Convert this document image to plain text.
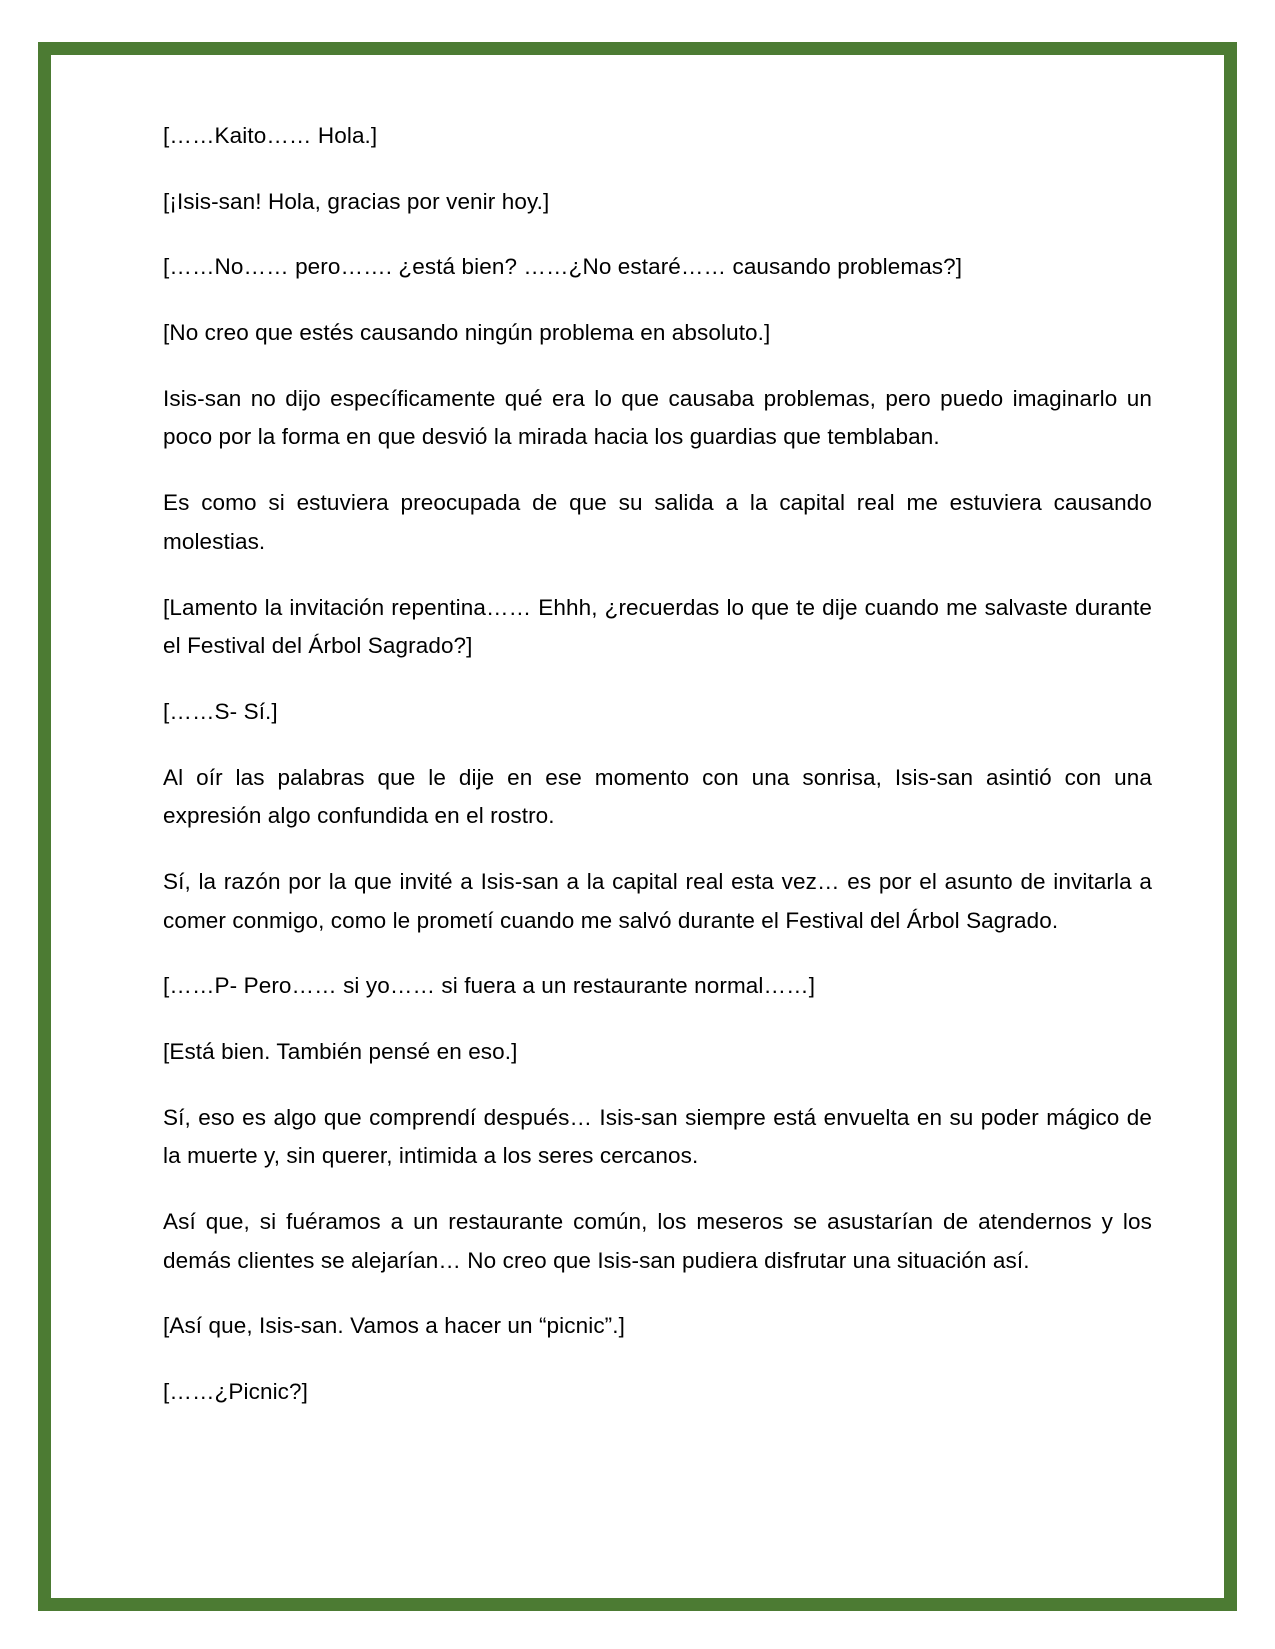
[……Kaito…… Hola.]

[¡Isis-san! Hola, gracias por venir hoy.]

[……No…… pero……. ¿está bien? ……¿No estaré…… causando problemas?]

[No creo que estés causando ningún problema en absoluto.]

Isis-san no dijo específicamente qué era lo que causaba problemas, pero puedo imaginarlo un poco por la forma en que desvió la mirada hacia los guardias que temblaban.

Es como si estuviera preocupada de que su salida a la capital real me estuviera causando molestias.

[Lamento la invitación repentina…… Ehhh, ¿recuerdas lo que te dije cuando me salvaste durante el Festival del Árbol Sagrado?]

[……S- Sí.]

Al oír las palabras que le dije en ese momento con una sonrisa, Isis-san asintió con una expresión algo confundida en el rostro.

Sí, la razón por la que invité a Isis-san a la capital real esta vez… es por el asunto de invitarla a comer conmigo, como le prometí cuando me salvó durante el Festival del Árbol Sagrado.

[……P- Pero…… si yo…… si fuera a un restaurante normal……]

[Está bien. También pensé en eso.]

Sí, eso es algo que comprendí después… Isis-san siempre está envuelta en su poder mágico de la muerte y, sin querer, intimida a los seres cercanos.

Así que, si fuéramos a un restaurante común, los meseros se asustarían de atendernos y los demás clientes se alejarían… No creo que Isis-san pudiera disfrutar una situación así.

[Así que, Isis-san. Vamos a hacer un “picnic”.]

[……¿Picnic?]
